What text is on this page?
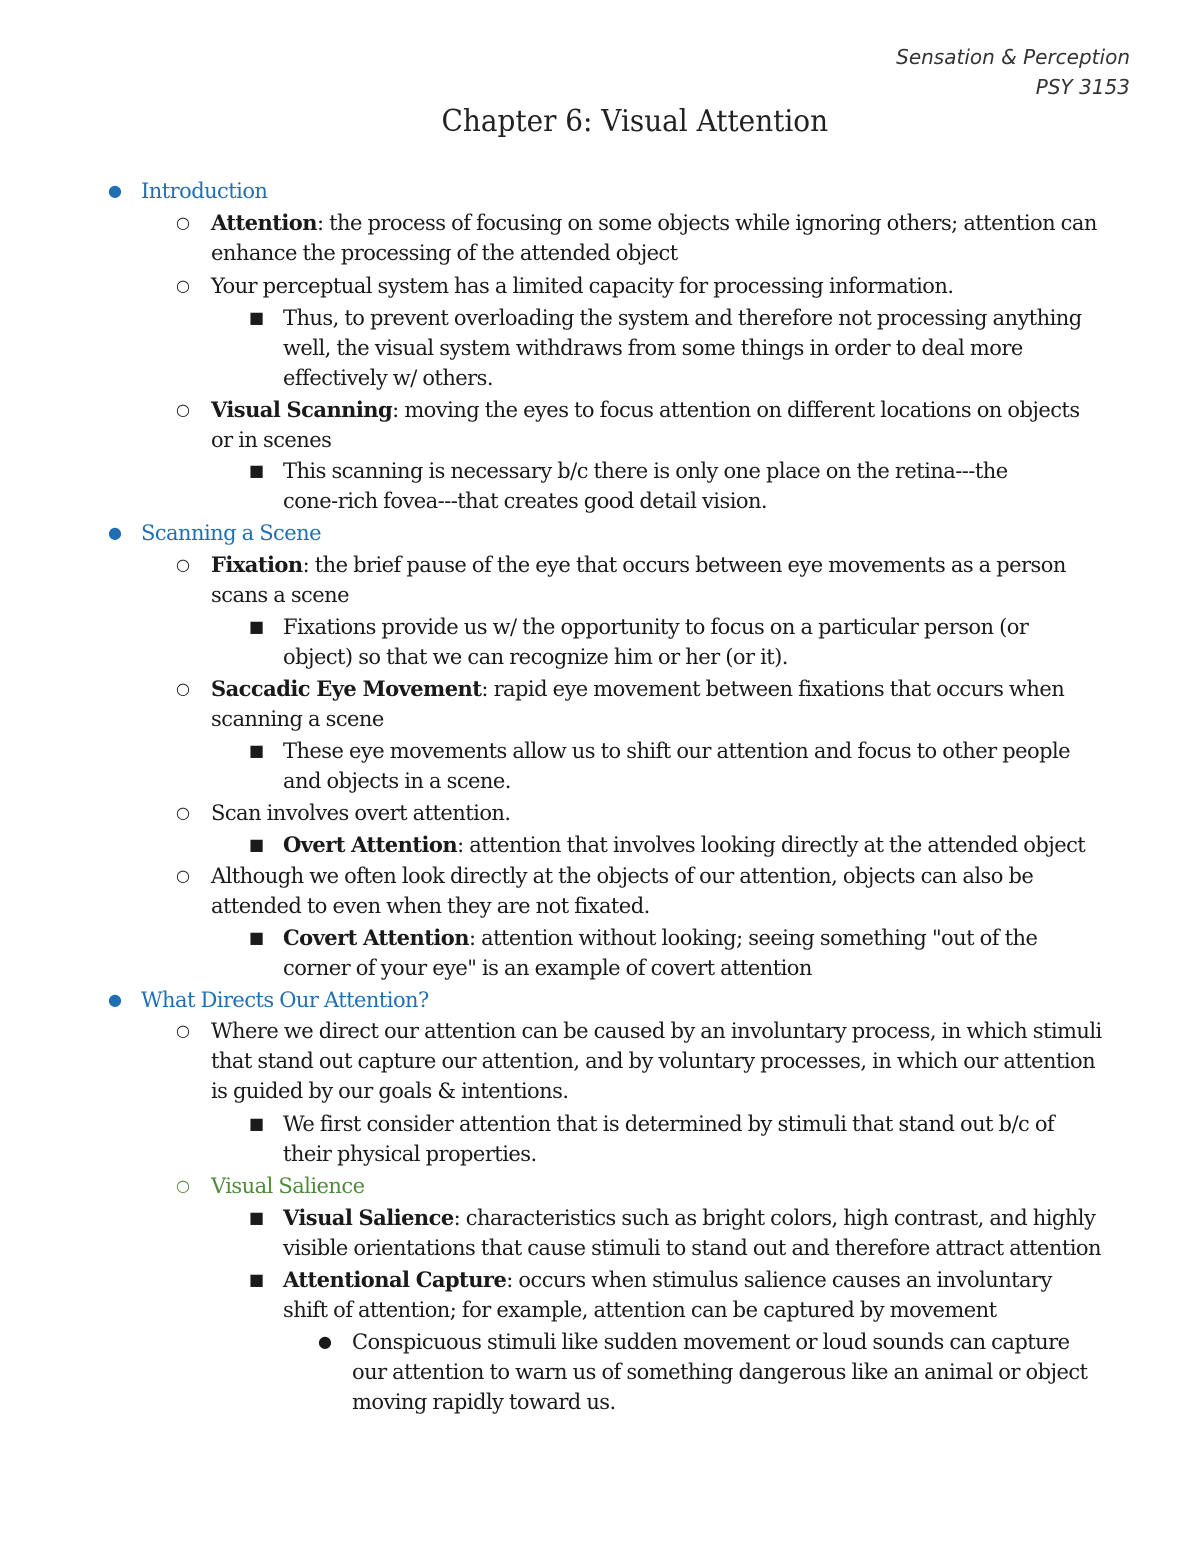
Sensation & Perception
PSY 3153
Chapter 6: Visual Attention
● Introduction
○ Attention: the process of focusing on some objects while ignoring others; attention can
enhance the processing of the attended object
○ Your perceptual system has a limited capacity for processing information.
■ Thus, to prevent overloading the system and therefore not processing anything
well, the visual system withdraws from some things in order to deal more
effectively w/ others.
○ Visual Scanning: moving the eyes to focus attention on different locations on objects
or in scenes
■ This scanning is necessary b/c there is only one place on the retina---the
cone-rich fovea---that creates good detail vision.
● Scanning a Scene
○ Fixation: the brief pause of the eye that occurs between eye movements as a person
scans a scene
■ Fixations provide us w/ the opportunity to focus on a particular person (or
object) so that we can recognize him or her (or it).
○ Saccadic Eye Movement: rapid eye movement between fixations that occurs when
scanning a scene
■ These eye movements allow us to shift our attention and focus to other people
and objects in a scene.
○ Scan involves overt attention.
■ Overt Attention: attention that involves looking directly at the attended object
○ Although we often look directly at the objects of our attention, objects can also be
attended to even when they are not fixated.
■ Covert Attention: attention without looking; seeing something "out of the
corner of your eye" is an example of covert attention
● What Directs Our Attention?
○ Where we direct our attention can be caused by an involuntary process, in which stimuli
that stand out capture our attention, and by voluntary processes, in which our attention
is guided by our goals & intentions.
■ We first consider attention that is determined by stimuli that stand out b/c of
their physical properties.
○ Visual Salience
■ Visual Salience: characteristics such as bright colors, high contrast, and highly
visible orientations that cause stimuli to stand out and therefore attract attention
■ Attentional Capture: occurs when stimulus salience causes an involuntary
shift of attention; for example, attention can be captured by movement
● Conspicuous stimuli like sudden movement or loud sounds can capture
our attention to warn us of something dangerous like an animal or object
moving rapidly toward us.
